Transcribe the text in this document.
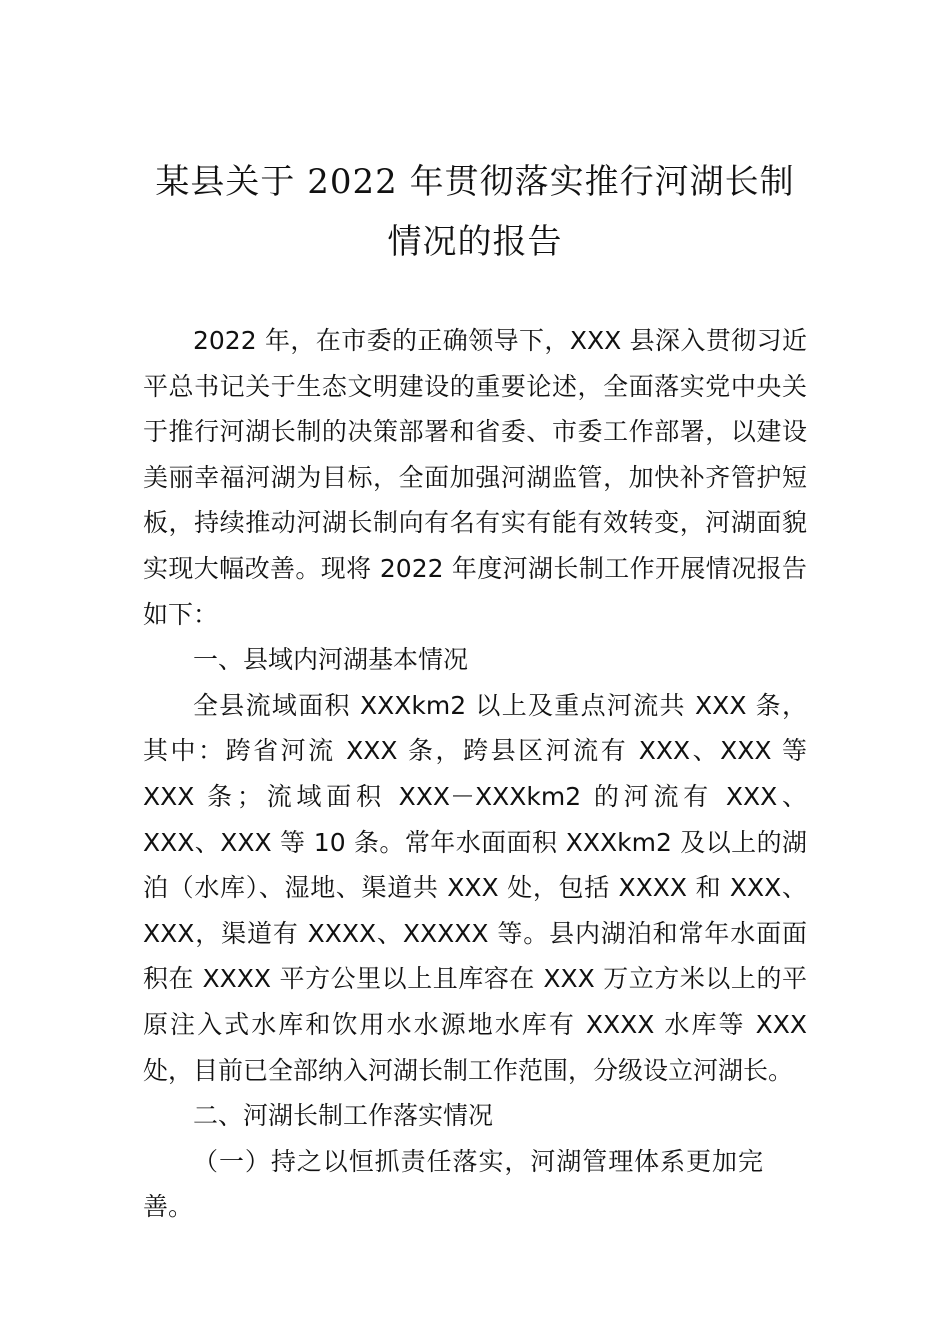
某县关于 2022 年贯彻落实推行河湖长制情况的报告

2022 年，在市委的正确领导下，XXX 县深入贯彻习近平总书记关于生态文明建设的重要论述，全面落实党中央关于推行河湖长制的决策部署和省委、市委工作部署，以建设美丽幸福河湖为目标，全面加强河湖监管，加快补齐管护短板，持续推动河湖长制向有名有实有能有效转变，河湖面貌实现大幅改善。现将 2022 年度河湖长制工作开展情况报告如下：

一、县域内河湖基本情况

全县流域面积 XXXkm2 以上及重点河流共 XXX 条，其中：跨省河流 XXX 条，跨县区河流有 XXX、XXX 等 XXX 条；流域面积 XXX－XXXkm2 的河流有 XXX、XXX、XXX 等 10 条。常年水面面积 XXXkm2 及以上的湖泊（水库）、湿地、渠道共 XXX 处，包括 XXXX 和 XXX、XXX，渠道有 XXXX、XXXXX 等。县内湖泊和常年水面面积在 XXXX 平方公里以上且库容在 XXX 万立方米以上的平原注入式水库和饮用水水源地水库有 XXXX 水库等 XXX 处，目前已全部纳入河湖长制工作范围，分级设立河湖长。

二、河湖长制工作落实情况

（一）持之以恒抓责任落实，河湖管理体系更加完善。
